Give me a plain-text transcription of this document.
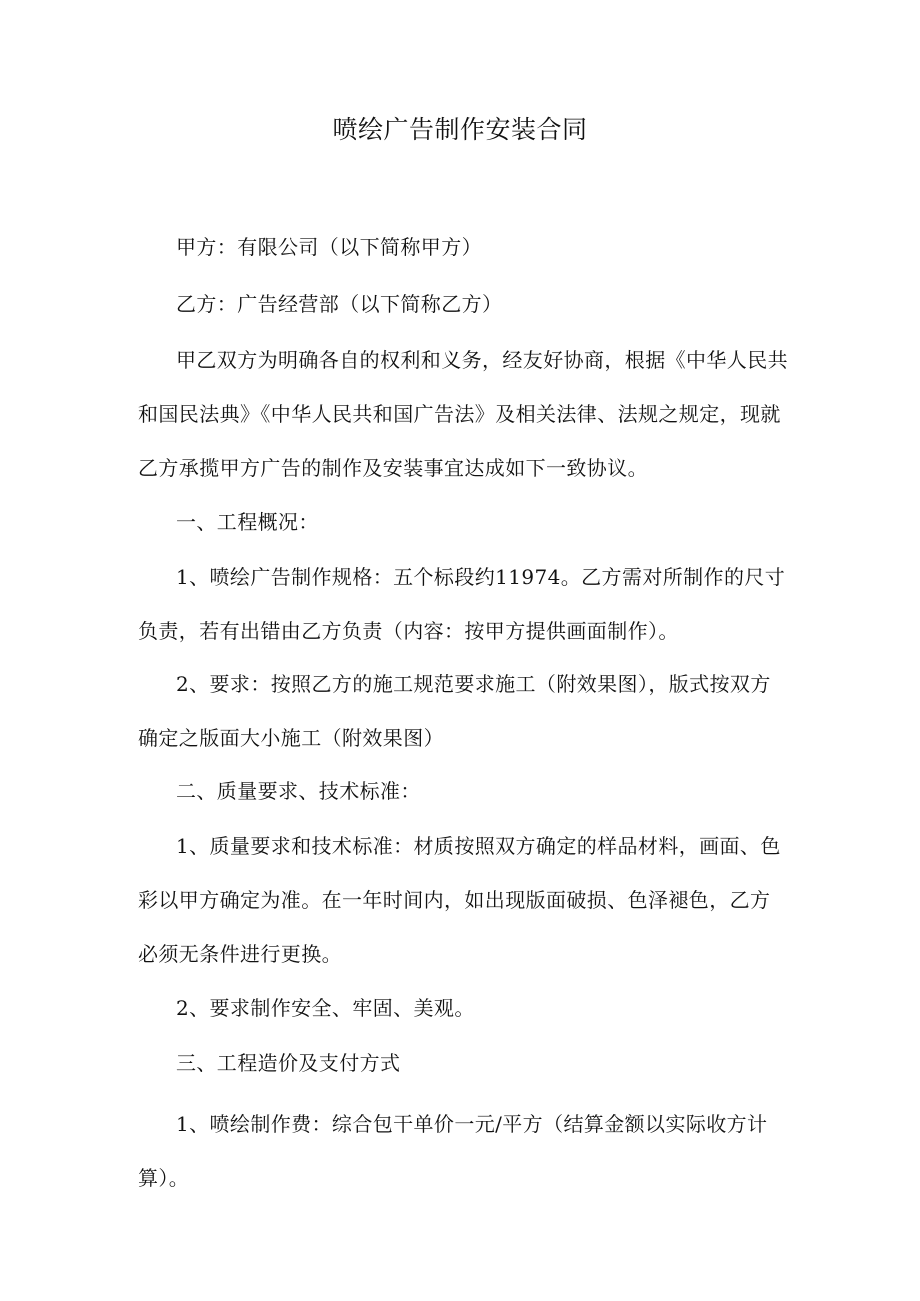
喷绘广告制作安装合同

甲方：有限公司（以下简称甲方）

乙方：广告经营部（以下简称乙方）

甲乙双方为明确各自的权利和义务，经友好协商，根据《中华人民共和国民法典》《中华人民共和国广告法》及相关法律、法规之规定，现就乙方承揽甲方广告的制作及安装事宜达成如下一致协议。

一、工程概况：

1、喷绘广告制作规格：五个标段约11974。乙方需对所制作的尺寸负责，若有出错由乙方负责（内容：按甲方提供画面制作）。

2、要求：按照乙方的施工规范要求施工（附效果图），版式按双方确定之版面大小施工（附效果图）

二、质量要求、技术标准：

1、质量要求和技术标准：材质按照双方确定的样品材料，画面、色彩以甲方确定为准。在一年时间内，如出现版面破损、色泽褪色，乙方必须无条件进行更换。

2、要求制作安全、牢固、美观。

三、工程造价及支付方式

1、喷绘制作费：综合包干单价一元/平方（结算金额以实际收方计算）。
